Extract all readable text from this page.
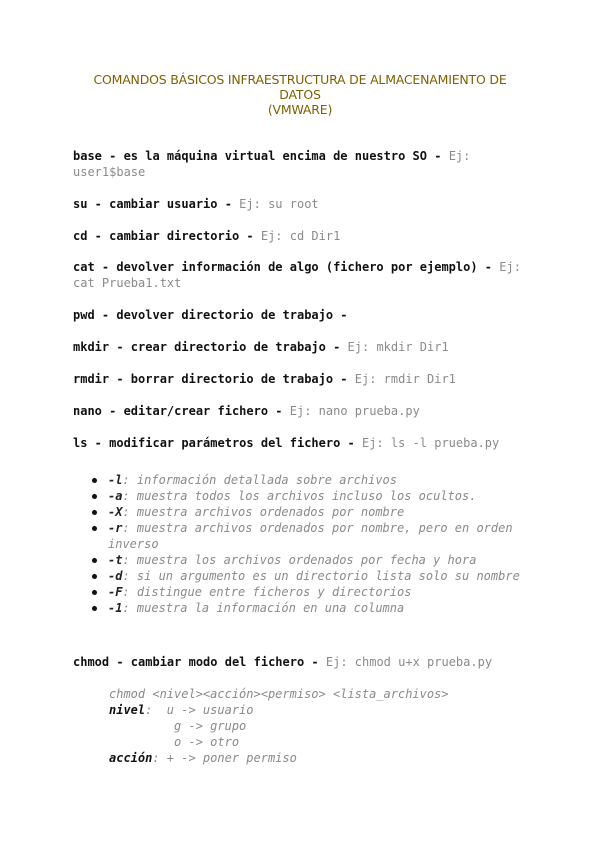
COMANDOS BÁSICOS INFRAESTRUCTURA DE ALMACENAMIENTO DE
DATOS
(VMWARE)
base - es la máquina virtual encima de nuestro SO - Ej: user1$base
su - cambiar usuario - Ej: su root
cd - cambiar directorio - Ej: cd Dir1
cat - devolver información de algo (fichero por ejemplo) - Ej: cat Prueba1.txt
pwd - devolver directorio de trabajo -
mkdir - crear directorio de trabajo - Ej: mkdir Dir1
rmdir - borrar directorio de trabajo - Ej: rmdir Dir1
nano - editar/crear fichero - Ej: nano prueba.py
ls - modificar parámetros del fichero - Ej: ls -l prueba.py
-l: información detallada sobre archivos
-a: muestra todos los archivos incluso los ocultos.
-X: muestra archivos ordenados por nombre
-r: muestra archivos ordenados por nombre, pero en orden inverso
-t: muestra los archivos ordenados por fecha y hora
-d: si un argumento es un directorio lista solo su nombre
-F: distingue entre ficheros y directorios
-1: muestra la información en una columna
chmod - cambiar modo del fichero - Ej: chmod u+x prueba.py
chmod <nivel><acción><permiso> <lista_archivos>
nivel:  u -> usuario
g -> grupo
o -> otro
acción: + -> poner permiso
